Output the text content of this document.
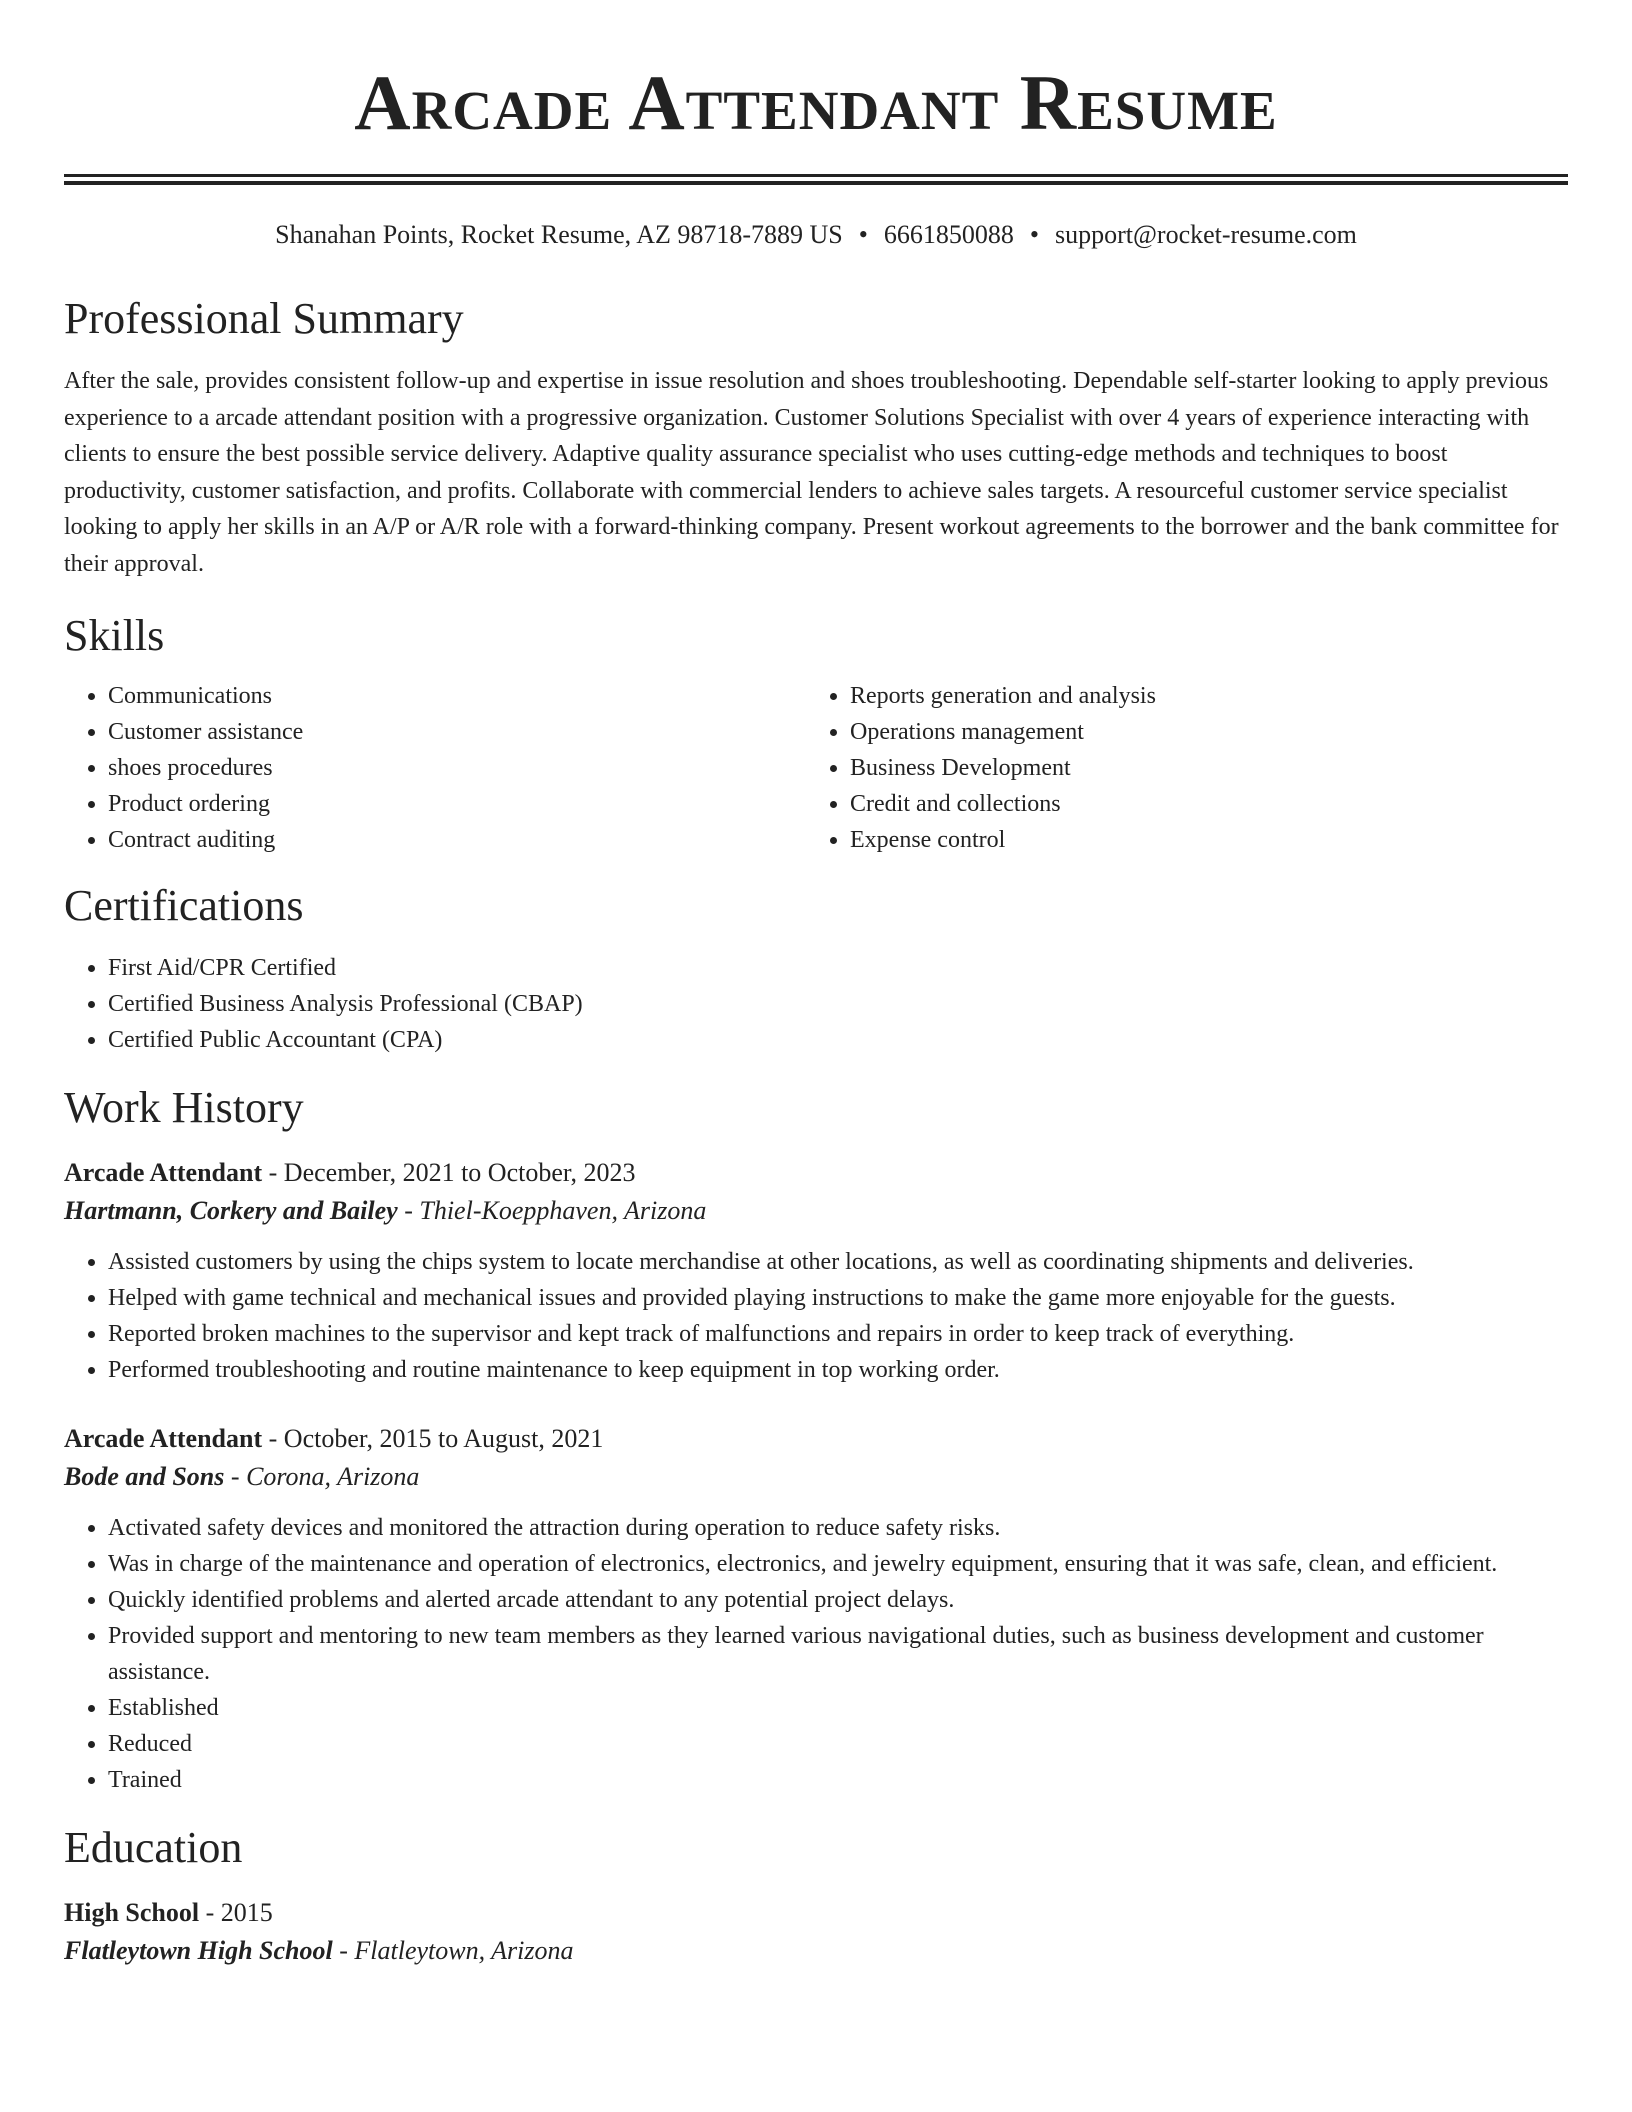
Arcade Attendant Resume
Shanahan Points, Rocket Resume, AZ 98718-7889 US • 6661850088 • support@rocket-resume.com
Professional Summary

After the sale, provides consistent follow-up and expertise in issue resolution and shoes troubleshooting. Dependable self-starter looking to apply previous experience to a arcade attendant position with a progressive organization. Customer Solutions Specialist with over 4 years of experience interacting with clients to ensure the best possible service delivery. Adaptive quality assurance specialist who uses cutting-edge methods and techniques to boost productivity, customer satisfaction, and profits. Collaborate with commercial lenders to achieve sales targets. A resourceful customer service specialist looking to apply her skills in an A/P or A/R role with a forward-thinking company. Present workout agreements to the borrower and the bank committee for their approval.

Skills
• Communications
• Customer assistance
• shoes procedures
• Product ordering
• Contract auditing
• Reports generation and analysis
• Operations management
• Business Development
• Credit and collections
• Expense control
Certifications
• First Aid/CPR Certified
• Certified Business Analysis Professional (CBAP)
• Certified Public Accountant (CPA)
Work History
Arcade Attendant - December, 2021 to October, 2023
Hartmann, Corkery and Bailey - Thiel-Koepphaven, Arizona
• Assisted customers by using the chips system to locate merchandise at other locations, as well as coordinating shipments and deliveries.
• Helped with game technical and mechanical issues and provided playing instructions to make the game more enjoyable for the guests.
• Reported broken machines to the supervisor and kept track of malfunctions and repairs in order to keep track of everything.
• Performed troubleshooting and routine maintenance to keep equipment in top working order.
Arcade Attendant - October, 2015 to August, 2021
Bode and Sons - Corona, Arizona
• Activated safety devices and monitored the attraction during operation to reduce safety risks.
• Was in charge of the maintenance and operation of electronics, electronics, and jewelry equipment, ensuring that it was safe, clean, and efficient.
• Quickly identified problems and alerted arcade attendant to any potential project delays.
• Provided support and mentoring to new team members as they learned various navigational duties, such as business development and customer assistance.
• Established
• Reduced
• Trained
Education
High School - 2015
Flatleytown High School - Flatleytown, Arizona
